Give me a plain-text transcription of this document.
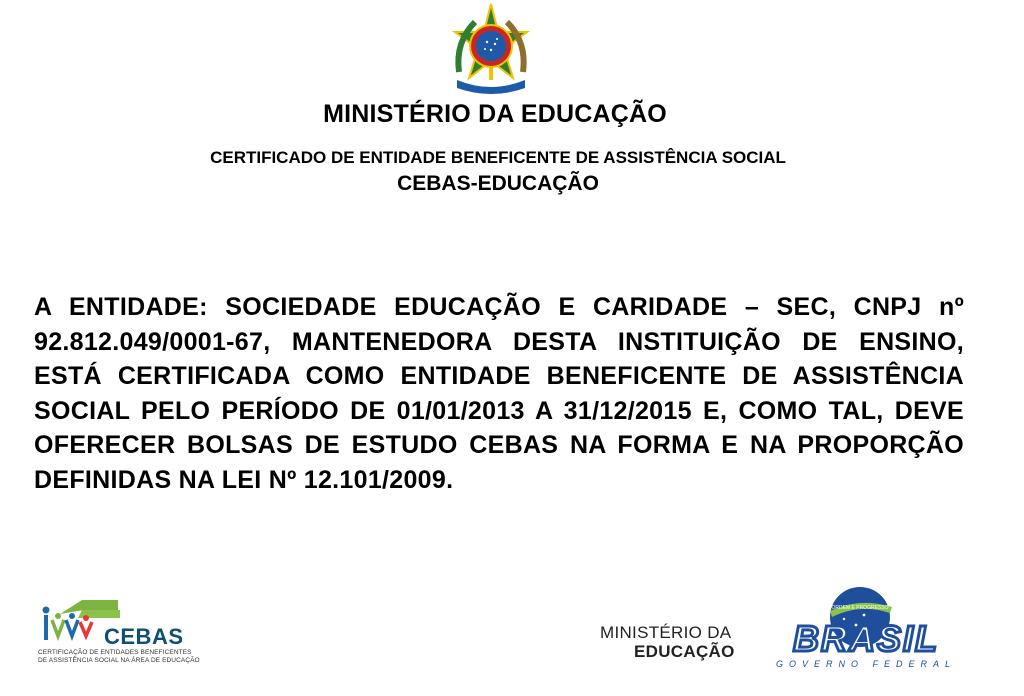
MINISTÉRIO DA EDUCAÇÃO
CERTIFICADO DE ENTIDADE BENEFICENTE DE ASSISTÊNCIA SOCIAL
CEBAS-EDUCAÇÃO
A ENTIDADE: SOCIEDADE EDUCAÇÃO E CARIDADE – SEC, CNPJ nº 92.812.049/0001-67, MANTENEDORA DESTA INSTITUIÇÃO DE ENSINO, ESTÁ CERTIFICADA COMO ENTIDADE BENEFICENTE DE ASSISTÊNCIA SOCIAL PELO PERÍODO DE 01/01/2013 A 31/12/2015 E, COMO TAL, DEVE OFERECER BOLSAS DE ESTUDO CEBAS NA FORMA E NA PROPORÇÃO DEFINIDAS NA LEI Nº 12.101/2009.
CEBAS
CERTIFICAÇÃO DE ENTIDADES BENEFICENTES
DE ASSISTÊNCIA SOCIAL NA ÁREA DE EDUCAÇÃO
MINISTÉRIO DA
EDUCAÇÃO
ORDEM E PROGRESSO
BRASIL
GOVERNO FEDERAL
